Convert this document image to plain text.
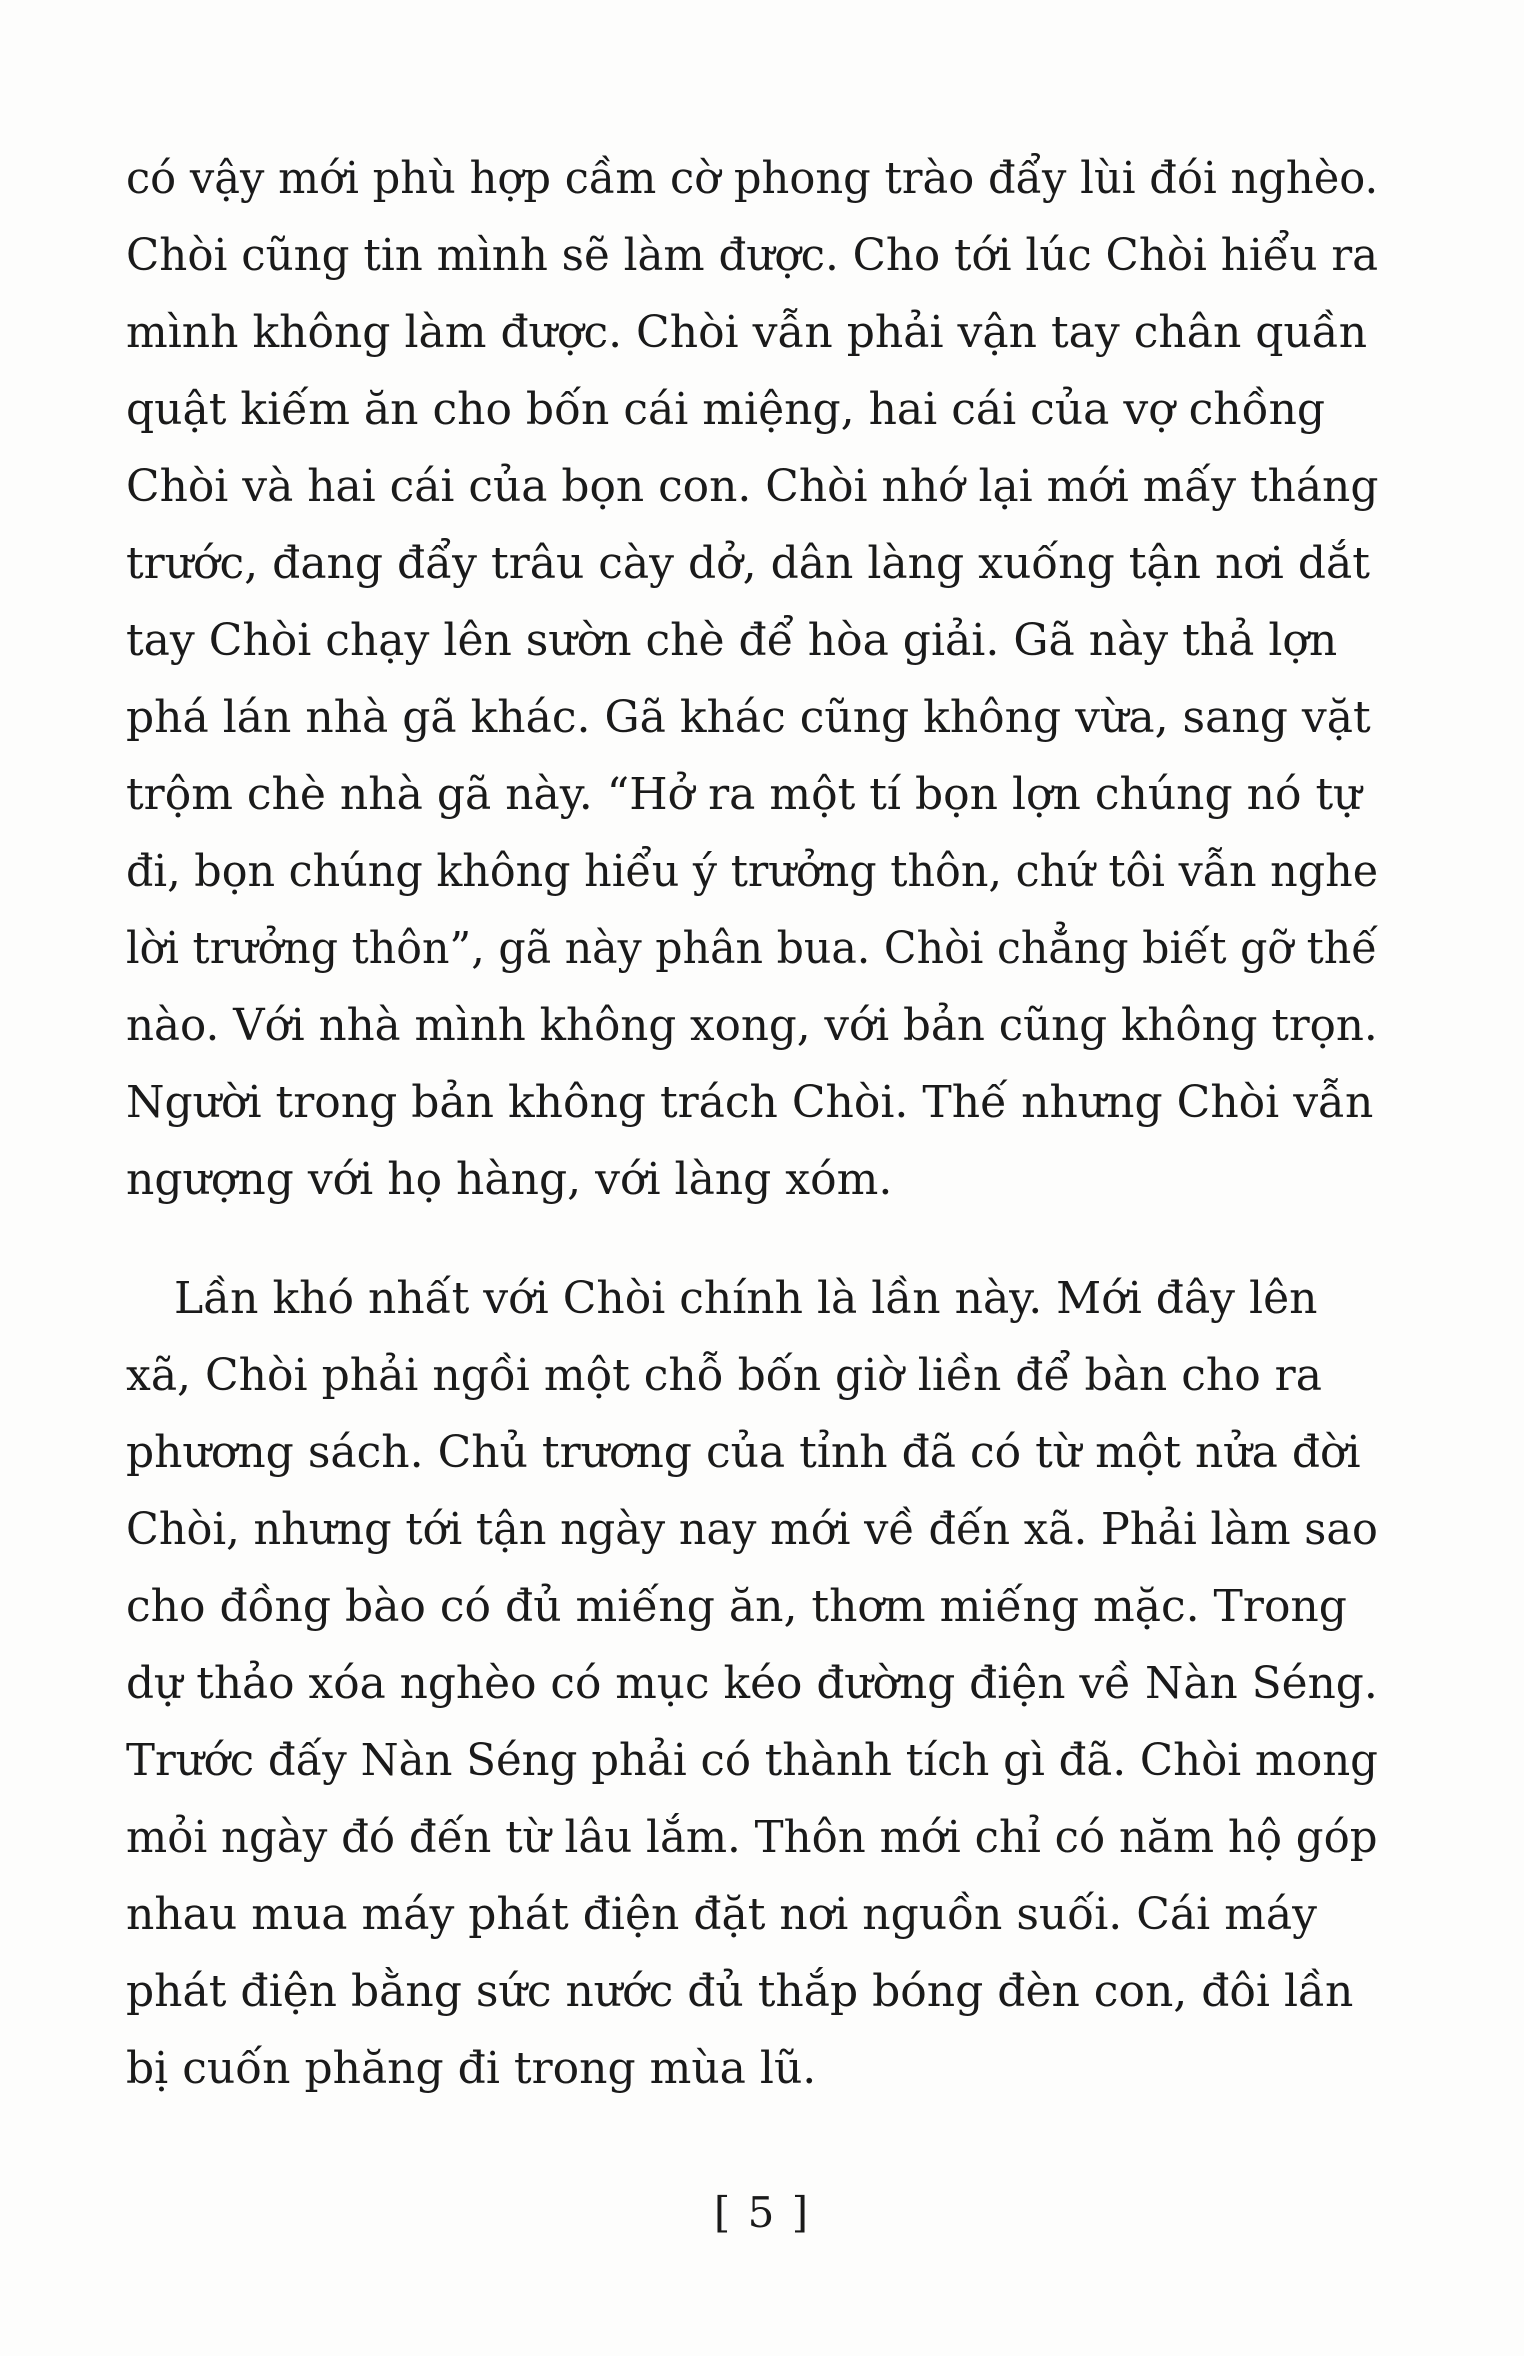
có vậy mới phù hợp cầm cờ phong trào đẩy lùi đói nghèo.
Chòi cũng tin mình sẽ làm được. Cho tới lúc Chòi hiểu ra
mình không làm được. Chòi vẫn phải vận tay chân quần
quật kiếm ăn cho bốn cái miệng, hai cái của vợ chồng
Chòi và hai cái của bọn con. Chòi nhớ lại mới mấy tháng
trước, đang đẩy trâu cày dở, dân làng xuống tận nơi dắt
tay Chòi chạy lên sườn chè để hòa giải. Gã này thả lợn
phá lán nhà gã khác. Gã khác cũng không vừa, sang vặt
trộm chè nhà gã này. “Hở ra một tí bọn lợn chúng nó tự
đi, bọn chúng không hiểu ý trưởng thôn, chứ tôi vẫn nghe
lời trưởng thôn”, gã này phân bua. Chòi chẳng biết gỡ thế
nào. Với nhà mình không xong, với bản cũng không trọn.
Người trong bản không trách Chòi. Thế nhưng Chòi vẫn
ngượng với họ hàng, với làng xóm.
Lần khó nhất với Chòi chính là lần này. Mới đây lên
xã, Chòi phải ngồi một chỗ bốn giờ liền để bàn cho ra
phương sách. Chủ trương của tỉnh đã có từ một nửa đời
Chòi, nhưng tới tận ngày nay mới về đến xã. Phải làm sao
cho đồng bào có đủ miếng ăn, thơm miếng mặc. Trong
dự thảo xóa nghèo có mục kéo đường điện về Nàn Séng.
Trước đấy Nàn Séng phải có thành tích gì đã. Chòi mong
mỏi ngày đó đến từ lâu lắm. Thôn mới chỉ có năm hộ góp
nhau mua máy phát điện đặt nơi nguồn suối. Cái máy
phát điện bằng sức nước đủ thắp bóng đèn con, đôi lần
bị cuốn phăng đi trong mùa lũ.
[ 5 ]
